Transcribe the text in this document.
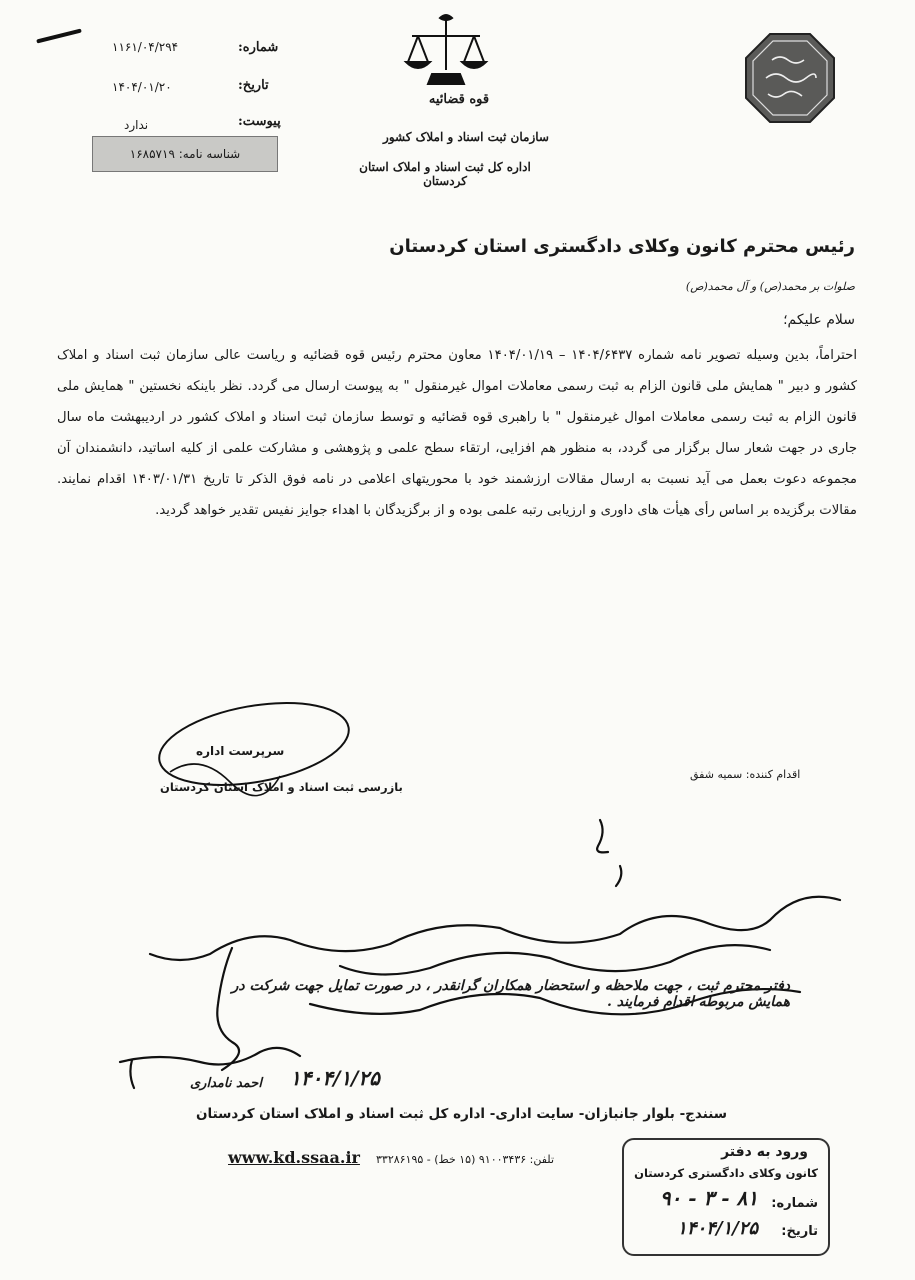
شماره:
۱۱۶۱/۰۴/۲۹۴
تاریخ:
۱۴۰۴/۰۱/۲۰
پیوست:
ندارد
شناسه نامه: ۱۶۸۵۷۱۹
قوه قضائیه
سازمان ثبت اسناد و املاک کشور
اداره کل ثبت اسناد و املاک استان کردستان
رئیس محترم کانون وکلای دادگستری استان کردستان
صلوات بر محمد(ص) و آل محمد(ص)
سلام علیکم؛
احتراماً، بدین وسیله تصویر نامه شماره ۱۴۰۴/۶۴۳۷ – ۱۴۰۴/۰۱/۱۹ معاون محترم رئیس قوه قضائیه و ریاست عالی سازمان ثبت اسناد و املاک کشور و دبیر " همایش ملی قانون الزام به ثبت رسمی معاملات اموال غیرمنقول " به پیوست ارسال می گردد. نظر باینکه نخستین " همایش ملی قانون الزام به ثبت رسمی معاملات اموال غیرمنقول " با راهبری قوه قضائیه و توسط سازمان ثبت اسناد و املاک کشور در اردیبهشت ماه سال جاری در جهت شعار سال برگزار می گردد، به منظور هم افزایی، ارتقاء سطح علمی و پژوهشی و مشارکت علمی از کلیه اساتید، دانشمندان آن مجموعه دعوت بعمل می آید نسبت به ارسال مقالات ارزشمند خود با محوریتهای اعلامی در نامه فوق الذکر تا تاریخ ۱۴۰۳/۰۱/۳۱ اقدام نمایند. مقالات برگزیده بر اساس رأی هیأت های داوری و ارزیابی رتبه علمی بوده و از برگزیدگان با اهداء جوایز نفیس تقدیر خواهد گردید.
سرپرست اداره
بازرسی ثبت اسناد و املاک استان کردستان
اقدام کننده: سمیه شفق
دفتر محترم ثبت ، جهت ملاحظه و استحضار همکاران گرانقدر ، در صورت تمایل جهت شرکت در همایش مربوطه اقدام فرمایند .
احمد نامداری ۱۴۰۴/۱/۲۵
سنندج- بلوار جانبازان- سایت اداری- اداره کل ثبت اسناد و املاک استان کردستان
www.kd.ssaa.ir تلفن: ۹۱۰۰۳۴۳۶ (۱۵ خط) - ۳۳۲۸۶۱۹۵	ورود به دفتر
کانون وکلای دادگستری کردستان
شماره:
۸۱ - ۳ - ۹۰
تاریخ:
۱۴۰۴/۱/۲۵
